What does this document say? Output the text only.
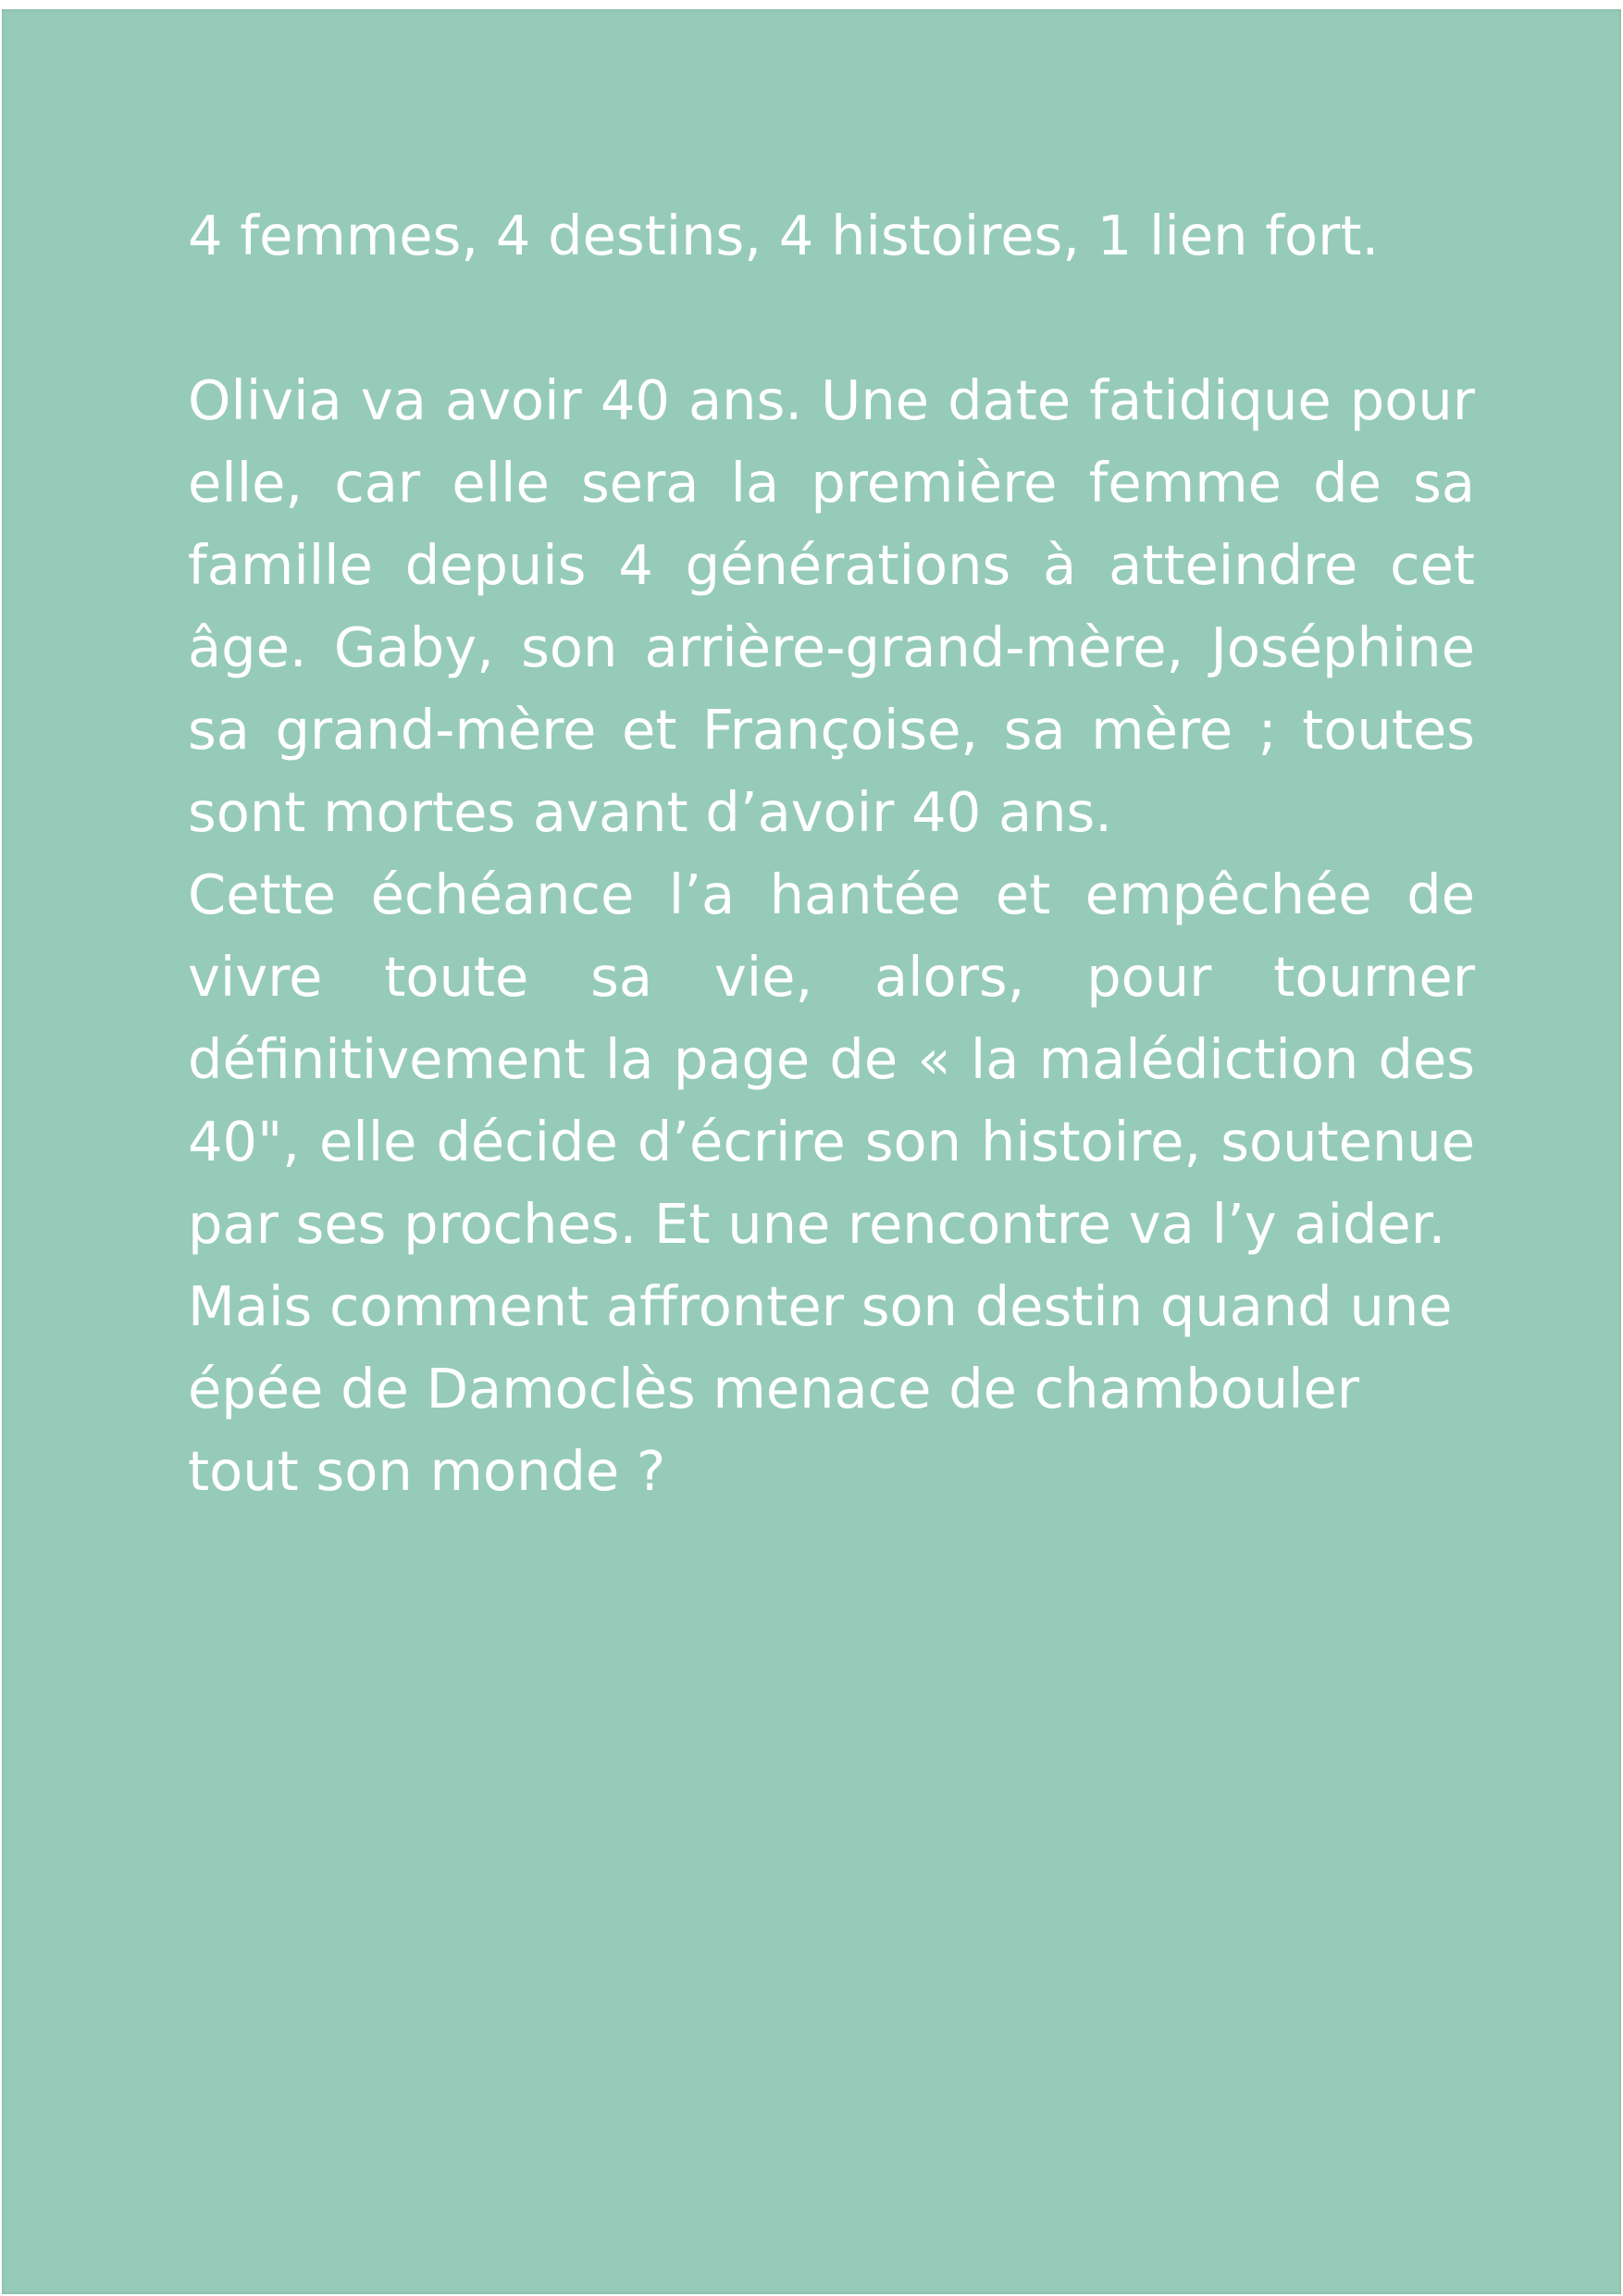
4 femmes, 4 destins, 4 histoires, 1 lien fort.

Olivia va avoir 40 ans. Une date fatidique pour elle, car elle sera la première femme de sa famille depuis 4 générations à atteindre cet âge. Gaby, son arrière-grand-mère, Joséphine sa grand-mère et Françoise, sa mère ; toutes sont mortes avant d’avoir 40 ans.

Cette échéance l’a hantée et empêchée de vivre toute sa vie, alors, pour tourner définitivement la page de « la malédiction des 40", elle décide d’écrire son histoire, soutenue par ses proches. Et une rencontre va l’y aider.

Mais comment affronter son destin quand une épée de Damoclès menace de chambouler tout son monde ?
